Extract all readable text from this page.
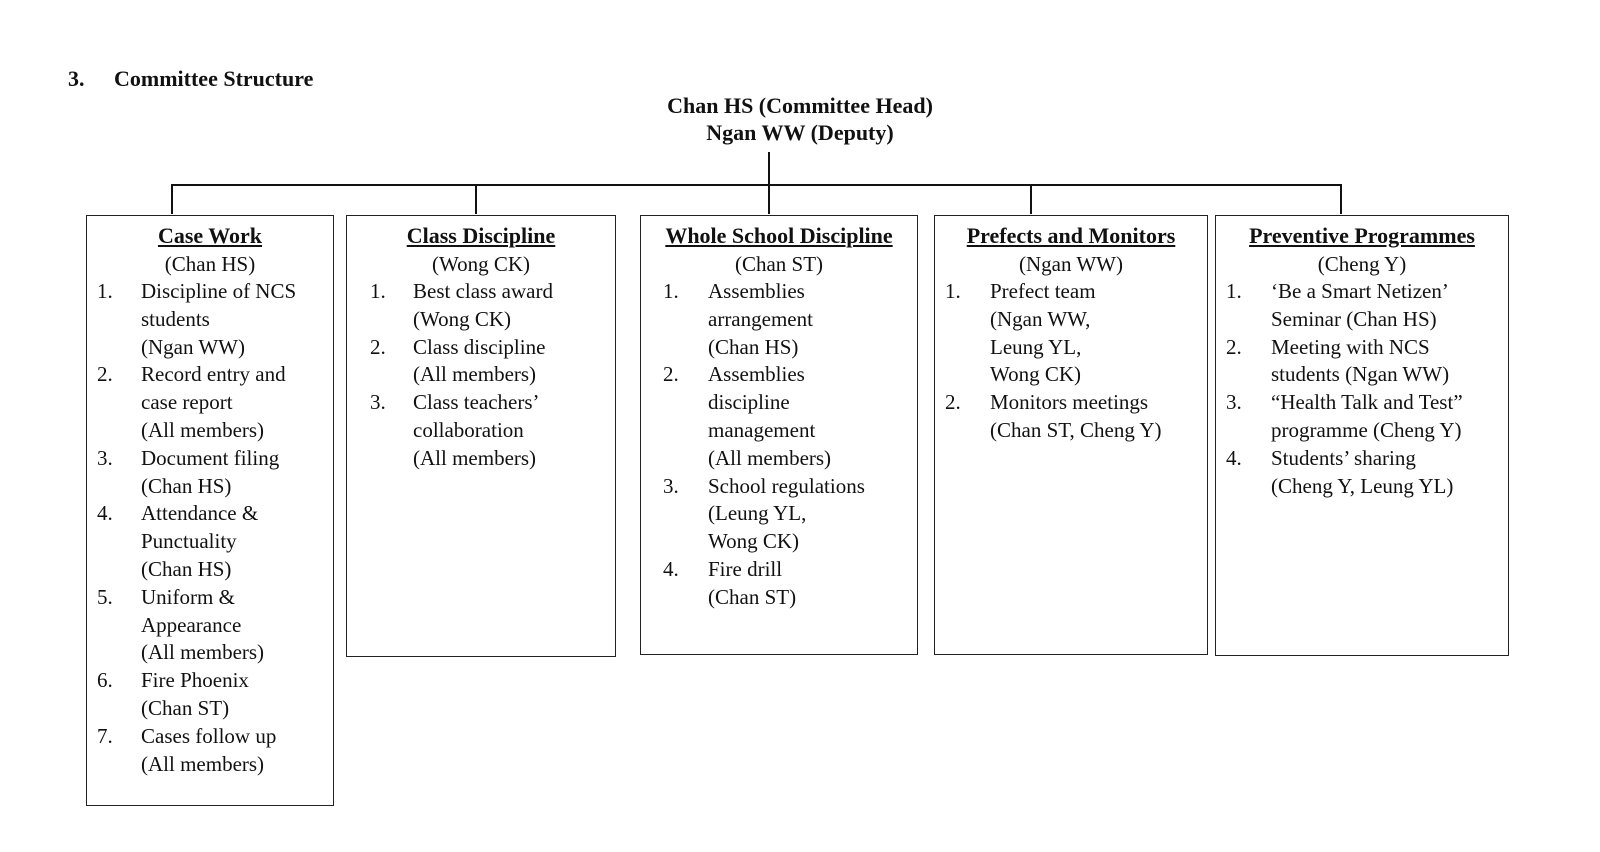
3. Committee Structure
Chan HS (Committee Head)
Ngan WW (Deputy)
Case Work
(Chan HS)
1. Discipline of NCS
students
(Ngan WW)
2. Record entry and
case report
(All members)
3. Document filing
(Chan HS)
4. Attendance &
Punctuality
(Chan HS)
5. Uniform &
Appearance
(All members)
6. Fire Phoenix
(Chan ST)
7. Cases follow up
(All members)
Class Discipline
(Wong CK)
1. Best class award
(Wong CK)
2. Class discipline
(All members)
3. Class teachers’
collaboration
(All members)
Whole School Discipline
(Chan ST)
1. Assemblies
arrangement
(Chan HS)
2. Assemblies
discipline
management
(All members)
3. School regulations
(Leung YL,
Wong CK)
4. Fire drill
(Chan ST)
Prefects and Monitors
(Ngan WW)
1. Prefect team
(Ngan WW,
Leung YL,
Wong CK)
2. Monitors meetings
(Chan ST, Cheng Y)
Preventive Programmes
(Cheng Y)
1. ‘Be a Smart Netizen’
Seminar (Chan HS)
2. Meeting with NCS
students (Ngan WW)
3. “Health Talk and Test”
programme (Cheng Y)
4. Students’ sharing
(Cheng Y, Leung YL)
